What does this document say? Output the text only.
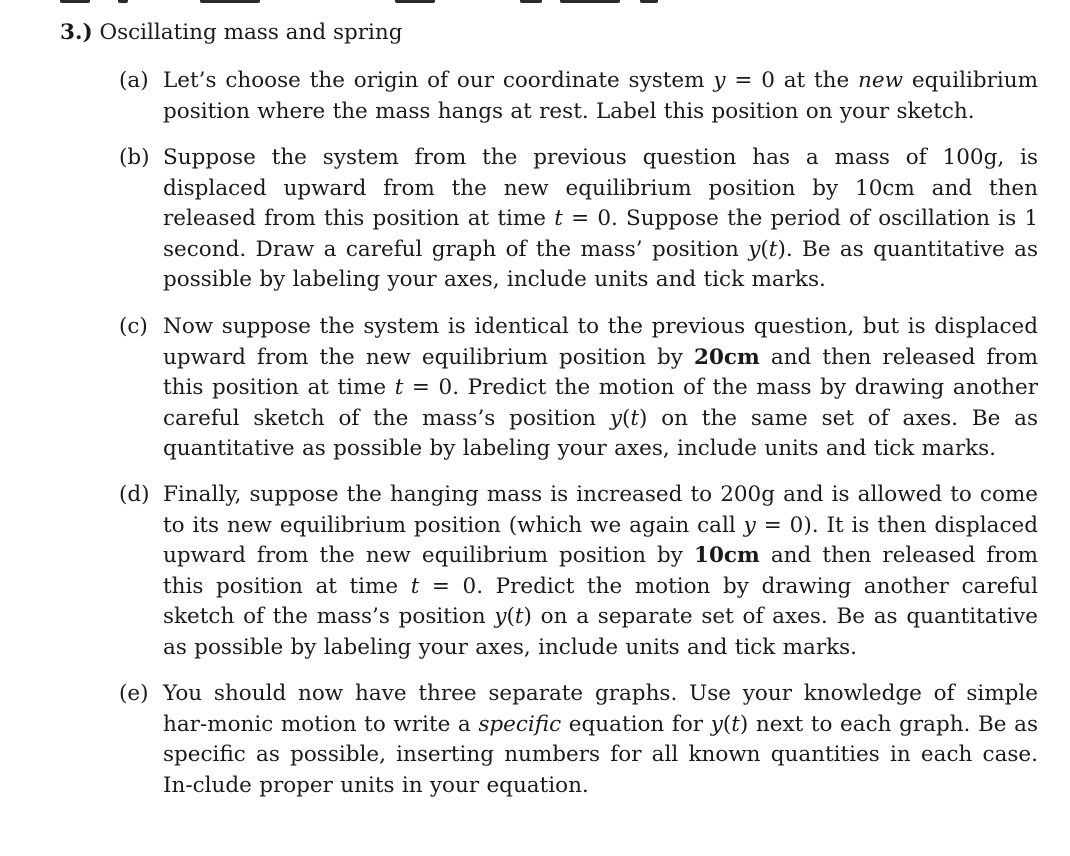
3.) Oscillating mass and spring
(a) Let’s choose the origin of our coordinate system y = 0 at the new equilibrium position where the mass hangs at rest. Label this position on your sketch.
(b) Suppose the system from the previous question has a mass of 100g, is displaced upward from the new equilibrium position by 10cm and then released from this position at time t = 0. Suppose the period of oscillation is 1 second. Draw a careful graph of the mass’ position y(t). Be as quantitative as possible by labeling your axes, include units and tick marks.
(c) Now suppose the system is identical to the previous question, but is displaced upward from the new equilibrium position by 20cm and then released from this position at time t = 0. Predict the motion of the mass by drawing another careful sketch of the mass’s position y(t) on the same set of axes. Be as quantitative as possible by labeling your axes, include units and tick marks.
(d) Finally, suppose the hanging mass is increased to 200g and is allowed to come to its new equilibrium position (which we again call y = 0). It is then displaced upward from the new equilibrium position by 10cm and then released from this position at time t = 0. Predict the motion by drawing another careful sketch of the mass’s position y(t) on a separate set of axes. Be as quantitative as possible by labeling your axes, include units and tick marks.
(e) You should now have three separate graphs. Use your knowledge of simple har-monic motion to write a specific equation for y(t) next to each graph. Be as specific as possible, inserting numbers for all known quantities in each case. In-clude proper units in your equation.
